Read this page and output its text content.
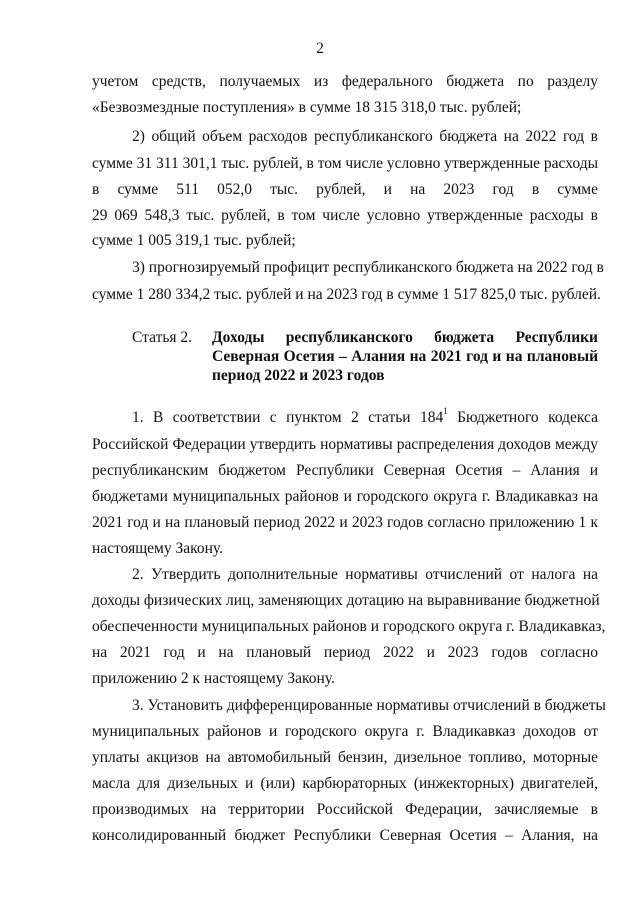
2
учетом средств, получаемых из федерального бюджета по разделу
«Безвозмездные поступления» в сумме 18 315 318,0 тыс. рублей;
2) общий объем расходов республиканского бюджета на 2022 год в
сумме 31 311 301,1 тыс. рублей, в том числе условно утвержденные расходы
в сумме 511 052,0 тыс. рублей, и на 2023 год в сумме
29 069 548,3 тыс. рублей, в том числе условно утвержденные расходы в
сумме 1 005 319,1 тыс. рублей;
3) прогнозируемый профицит республиканского бюджета на 2022 год в
сумме 1 280 334,2 тыс. рублей и на 2023 год в сумме 1 517 825,0 тыс. рублей.
Статья 2. Доходы республиканского бюджета Республики
Северная Осетия – Алания на 2021 год и на плановый
период 2022 и 2023 годов
1. В соответствии с пунктом 2 статьи $184^1$ Бюджетного кодекса
Российской Федерации утвердить нормативы распределения доходов между
республиканским бюджетом Республики Северная Осетия – Алания и
бюджетами муниципальных районов и городского округа г. Владикавказ на
2021 год и на плановый период 2022 и 2023 годов согласно приложению 1 к
настоящему Закону.
2. Утвердить дополнительные нормативы отчислений от налога на
доходы физических лиц, заменяющих дотацию на выравнивание бюджетной
обеспеченности муниципальных районов и городского округа г. Владикавказ,
на 2021 год и на плановый период 2022 и 2023 годов согласно
приложению 2 к настоящему Закону.
3. Установить дифференцированные нормативы отчислений в бюджеты
муниципальных районов и городского округа г. Владикавказ доходов от
уплаты акцизов на автомобильный бензин, дизельное топливо, моторные
масла для дизельных и (или) карбюраторных (инжекторных) двигателей,
производимых на территории Российской Федерации, зачисляемые в
консолидированный бюджет Республики Северная Осетия – Алания, на
